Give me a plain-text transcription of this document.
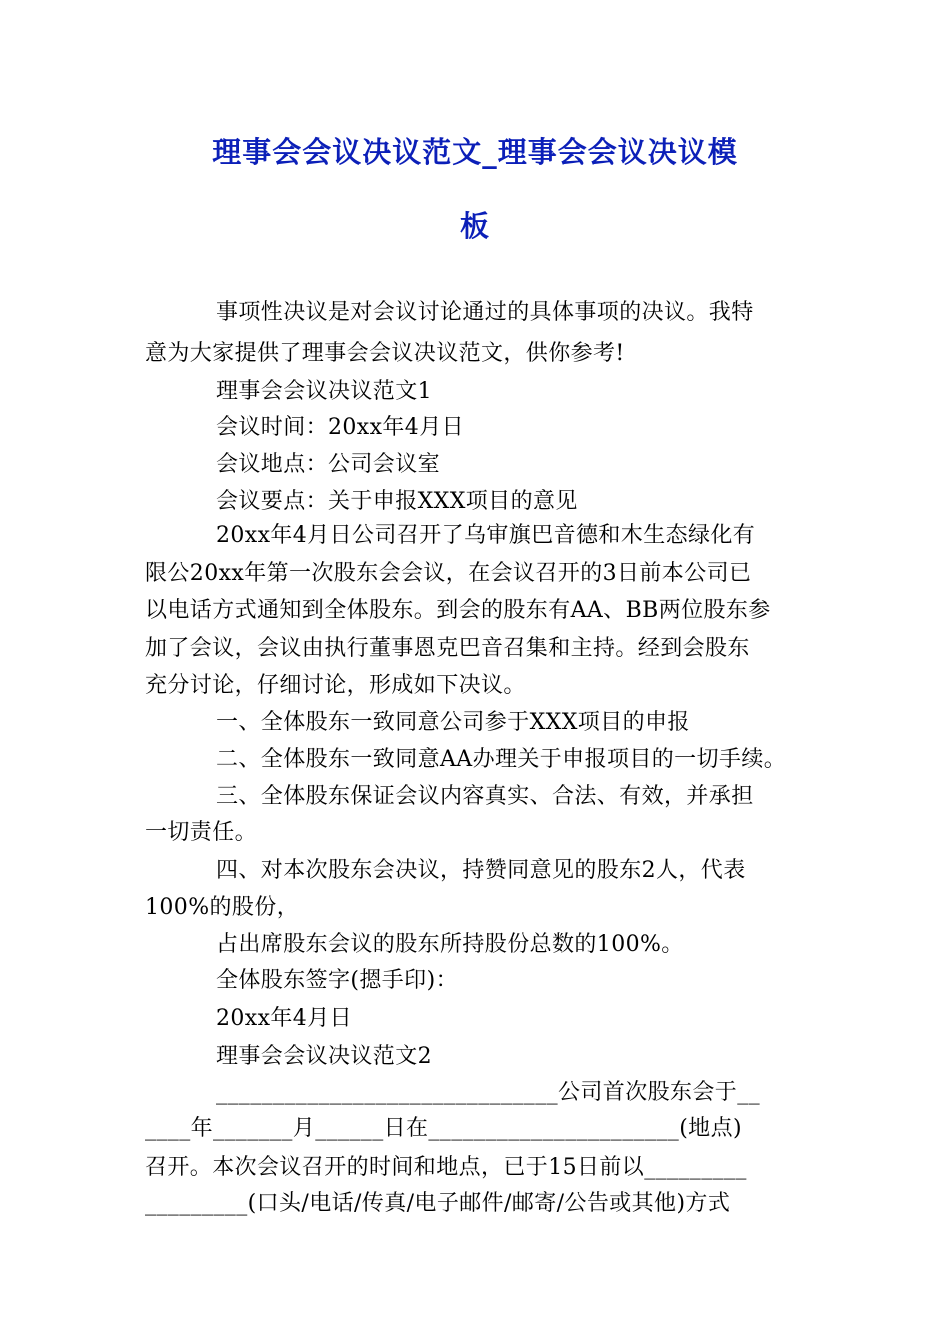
理事会会议决议范文_理事会会议决议模
板
事项性决议是对会议讨论通过的具体事项的决议。我特
意为大家提供了理事会会议决议范文，供你参考!
理事会会议决议范文1
会议时间：20xx年4月日
会议地点：公司会议室
会议要点：关于申报XXX项目的意见
20xx年4月日公司召开了乌审旗巴音德和木生态绿化有
限公20xx年第一次股东会会议，在会议召开的3日前本公司已
以电话方式通知到全体股东。到会的股东有AA、BB两位股东参
加了会议，会议由执行董事恩克巴音召集和主持。经到会股东
充分讨论，仔细讨论，形成如下决议。
一、全体股东一致同意公司参于XXX项目的申报
二、全体股东一致同意AA办理关于申报项目的一切手续。
三、全体股东保证会议内容真实、合法、有效，并承担
一切责任。
四、对本次股东会决议，持赞同意见的股东2人，代表
100%的股份，
占出席股东会议的股东所持股份总数的100%。
全体股东签字(摁手印)：
20xx年4月日
理事会会议决议范文2
______________________________公司首次股东会于__
____年_______月______日在______________________(地点)
召开。本次会议召开的时间和地点，已于15日前以_________
_________(口头/电话/传真/电子邮件/邮寄/公告或其他)方式
